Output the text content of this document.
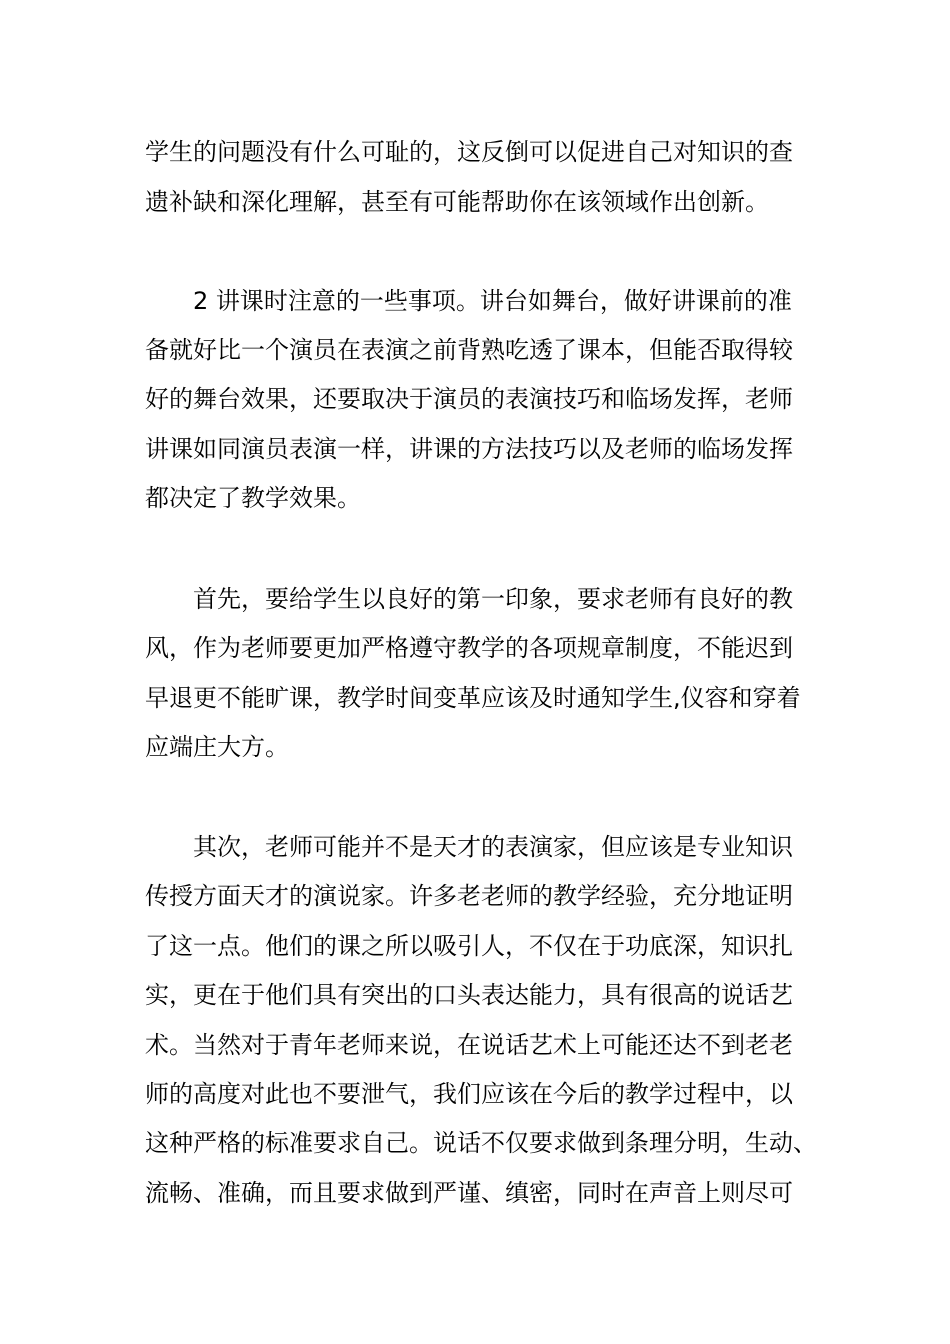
学生的问题没有什么可耻的，这反倒可以促进自己对知识的查

遗补缺和深化理解，甚至有可能帮助你在该领域作出创新。

2 讲课时注意的一些事项。讲台如舞台，做好讲课前的准

备就好比一个演员在表演之前背熟吃透了课本，但能否取得较

好的舞台效果，还要取决于演员的表演技巧和临场发挥，老师

讲课如同演员表演一样，讲课的方法技巧以及老师的临场发挥

都决定了教学效果。

首先，要给学生以良好的第一印象，要求老师有良好的教

风，作为老师要更加严格遵守教学的各项规章制度，不能迟到

早退更不能旷课，教学时间变革应该及时通知学生,仪容和穿着

应端庄大方。

其次，老师可能并不是天才的表演家，但应该是专业知识

传授方面天才的演说家。许多老老师的教学经验，充分地证明

了这一点。他们的课之所以吸引人，不仅在于功底深，知识扎

实，更在于他们具有突出的口头表达能力，具有很高的说话艺

术。当然对于青年老师来说，在说话艺术上可能还达不到老老

师的高度对此也不要泄气，我们应该在今后的教学过程中，以

这种严格的标准要求自己。说话不仅要求做到条理分明，生动、

流畅、准确，而且要求做到严谨、缜密，同时在声音上则尽可
